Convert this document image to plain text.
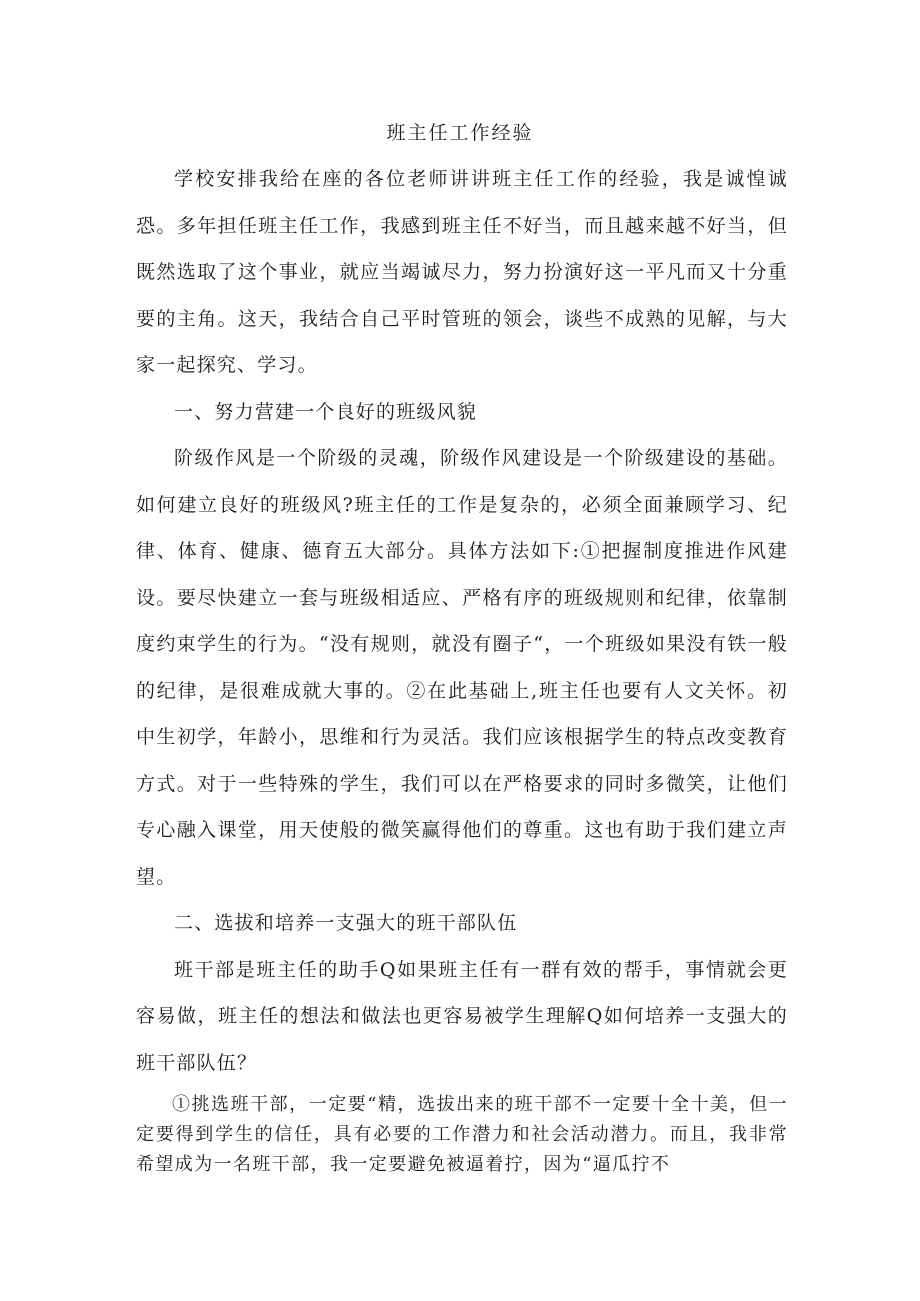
班主任工作经验

学校安排我给在座的各位老师讲讲班主任工作的经验，我是诚惶诚恐。多年担任班主任工作，我感到班主任不好当，而且越来越不好当，但既然选取了这个事业，就应当竭诚尽力，努力扮演好这一平凡而又十分重要的主角。这天，我结合自己平时管班的领会，谈些不成熟的见解，与大家一起探究、学习。

一、努力营建一个良好的班级风貌

阶级作风是一个阶级的灵魂，阶级作风建设是一个阶级建设的基础。如何建立良好的班级风?班主任的工作是复杂的，必须全面兼顾学习、纪律、体育、健康、德育五大部分。具体方法如下:①把握制度推进作风建设。要尽快建立一套与班级相适应、严格有序的班级规则和纪律，依靠制度约束学生的行为。“没有规则，就没有圈子“，一个班级如果没有铁一般的纪律，是很难成就大事的。②在此基础上,班主任也要有人文关怀。初中生初学，年龄小，思维和行为灵活。我们应该根据学生的特点改变教育方式。对于一些特殊的学生，我们可以在严格要求的同时多微笑，让他们专心融入课堂，用天使般的微笑赢得他们的尊重。这也有助于我们建立声望。

二、选拔和培养一支强大的班干部队伍

班干部是班主任的助手Q如果班主任有一群有效的帮手，事情就会更容易做，班主任的想法和做法也更容易被学生理解Q如何培养一支强大的班干部队伍？

①挑选班干部，一定要“精，选拔出来的班干部不一定要十全十美，但一定要得到学生的信任，具有必要的工作潜力和社会活动潜力。而且，我非常希望成为一名班干部，我一定要避免被逼着拧，因为“逼瓜拧不
